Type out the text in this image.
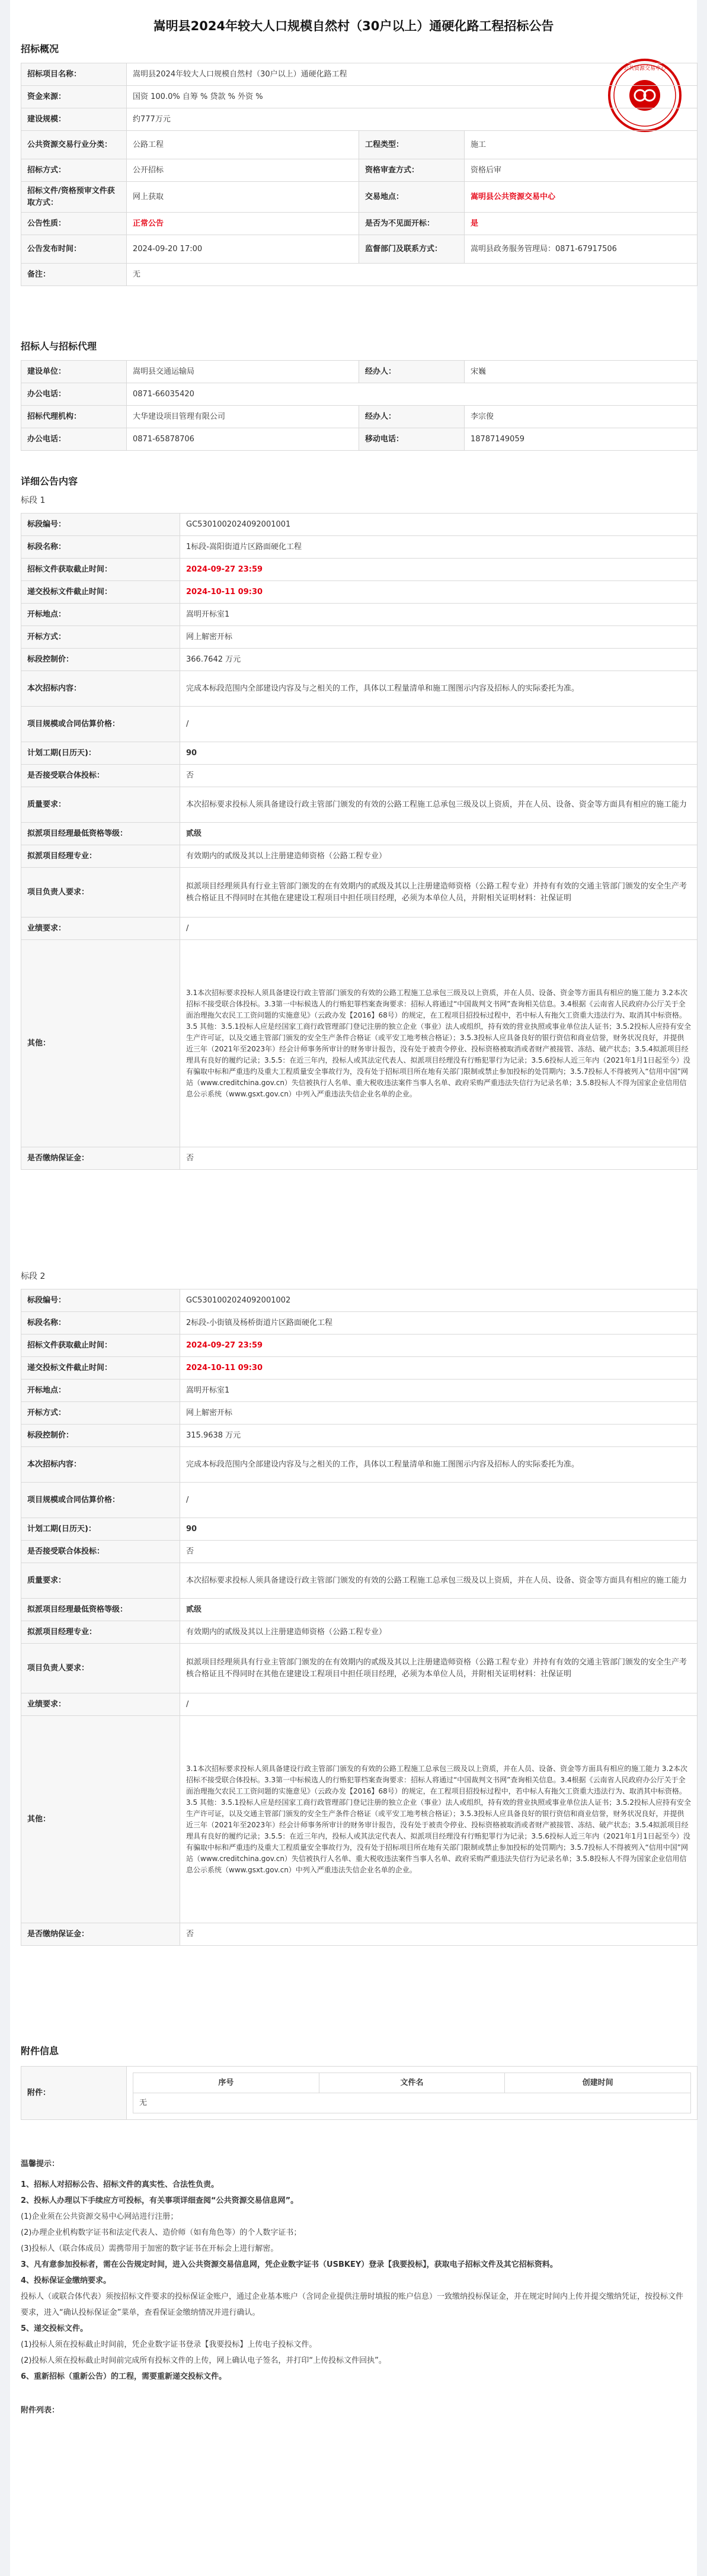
嵩明县2024年较大人口规模自然村（30户以上）通硬化路工程招标公告
公共资源交易中心
招标概况
招标项目名称：	嵩明县2024年较大人口规模自然村（30户以上）通硬化路工程		
资金来源：	国资 100.0% 自筹 % 贷款 % 外资 %		
建设规模：	约777万元		
公共资源交易行业分类：	公路工程	工程类型：	施工
招标方式：	公开招标	资格审查方式：	资格后审
招标文件/资格预审文件获取方式：	网上获取	交易地点：	嵩明县公共资源交易中心
公告性质：	正常公告	是否为不见面开标：	是
公告发布时间：	2024-09-20 17:00	监督部门及联系方式：	嵩明县政务服务管理局：0871-67917506
备注：	无		
招标人与招标代理
建设单位：	嵩明县交通运输局	经办人：	宋巍
办公电话：	0871-66035420		
招标代理机构：	大华建设项目管理有限公司	经办人：	李宗俊
办公电话：	0871-65878706	移动电话：	18787149059
详细公告内容
标段 1
标段编号：	GC5301002024092001001
标段名称：	1标段-嵩阳街道片区路面硬化工程
招标文件获取截止时间：	2024-09-27 23:59
递交投标文件截止时间：	2024-10-11 09:30
开标地点：	嵩明开标室1
开标方式：	网上解密开标
标段控制价：	366.7642 万元
本次招标内容：	完成本标段范围内全部建设内容及与之相关的工作，具体以工程量清单和施工图图示内容及招标人的实际委托为准。
项目规模或合同估算价格：	/
计划工期(日历天)：	90
是否接受联合体投标：	否
质量要求：	本次招标要求投标人须具备建设行政主管部门颁发的有效的公路工程施工总承包三级及以上资质，并在人员、设备、资金等方面具有相应的施工能力
拟派项目经理最低资格等级：	贰级
拟派项目经理专业：	有效期内的贰级及其以上注册建造师资格（公路工程专业）
项目负责人要求：	拟派项目经理须具有行业主管部门颁发的在有效期内的贰级及其以上注册建造师资格（公路工程专业）并持有有效的交通主管部门颁发的安全生产考核合格证且不得同时在其他在建建设工程项目中担任项目经理，必须为本单位人员，并附相关证明材料：社保证明
业绩要求：	/
其他：	3.1本次招标要求投标人须具备建设行政主管部门颁发的有效的公路工程施工总承包三级及以上资质，并在人员、设备、资金等方面具有相应的施工能力 3.2本次招标不接受联合体投标。3.3第一中标候选人的行贿犯罪档案查询要求：招标人将通过“中国裁判文书网”查询相关信息。3.4根据《云南省人民政府办公厅关于全面治理拖欠农民工工资问题的实施意见》（云政办发【2016】68号）的规定，在工程项目招投标过程中，若中标人有拖欠工资重大违法行为、取消其中标资格。3.5 其他：3.5.1投标人应是经国家工商行政管理部门登记注册的独立企业（事业）法人或组织，持有效的营业执照或事业单位法人证书；3.5.2投标人应持有安全生产许可证，以及交通主管部门颁发的安全生产条件合格证（或平安工地考核合格证）；3.5.3投标人应具备良好的银行资信和商业信誉，财务状况良好，并提供近三年（2021年至2023年）经会计师事务所审计的财务审计报告，没有处于被责令停业、投标资格被取消或者财产被接管、冻结、破产状态；3.5.4拟派项目经理具有良好的履约记录；3.5.5：在近三年内，投标人或其法定代表人、拟派项目经理没有行贿犯罪行为记录；3.5.6投标人近三年内（2021年1月1日起至今）没有骗取中标和严重违约及重大工程质量安全事故行为，没有处于招标项目所在地有关部门限制或禁止参加投标的处罚期内；3.5.7投标人不得被列入“信用中国”网站（www.creditchina.gov.cn）失信被执行人名单、重大税收违法案件当事人名单、政府采购严重违法失信行为记录名单；3.5.8投标人不得为国家企业信用信息公示系统（www.gsxt.gov.cn）中列入严重违法失信企业名单的企业。
是否缴纳保证金：	否
标段 2
标段编号：	GC5301002024092001002
标段名称：	2标段-小街镇及杨桥街道片区路面硬化工程
招标文件获取截止时间：	2024-09-27 23:59
递交投标文件截止时间：	2024-10-11 09:30
开标地点：	嵩明开标室1
开标方式：	网上解密开标
标段控制价：	315.9638 万元
本次招标内容：	完成本标段范围内全部建设内容及与之相关的工作，具体以工程量清单和施工图图示内容及招标人的实际委托为准。
项目规模或合同估算价格：	/
计划工期(日历天)：	90
是否接受联合体投标：	否
质量要求：	本次招标要求投标人须具备建设行政主管部门颁发的有效的公路工程施工总承包三级及以上资质，并在人员、设备、资金等方面具有相应的施工能力
拟派项目经理最低资格等级：	贰级
拟派项目经理专业：	有效期内的贰级及其以上注册建造师资格（公路工程专业）
项目负责人要求：	拟派项目经理须具有行业主管部门颁发的在有效期内的贰级及其以上注册建造师资格（公路工程专业）并持有有效的交通主管部门颁发的安全生产考核合格证且不得同时在其他在建建设工程项目中担任项目经理，必须为本单位人员，并附相关证明材料：社保证明
业绩要求：	/
其他：	3.1本次招标要求投标人须具备建设行政主管部门颁发的有效的公路工程施工总承包三级及以上资质，并在人员、设备、资金等方面具有相应的施工能力 3.2本次招标不接受联合体投标。3.3第一中标候选人的行贿犯罪档案查询要求：招标人将通过“中国裁判文书网”查询相关信息。3.4根据《云南省人民政府办公厅关于全面治理拖欠农民工工资问题的实施意见》（云政办发【2016】68号）的规定，在工程项目招投标过程中，若中标人有拖欠工资重大违法行为、取消其中标资格。3.5 其他：3.5.1投标人应是经国家工商行政管理部门登记注册的独立企业（事业）法人或组织，持有效的营业执照或事业单位法人证书；3.5.2投标人应持有安全生产许可证，以及交通主管部门颁发的安全生产条件合格证（或平安工地考核合格证）；3.5.3投标人应具备良好的银行资信和商业信誉，财务状况良好，并提供近三年（2021年至2023年）经会计师事务所审计的财务审计报告，没有处于被责令停业、投标资格被取消或者财产被接管、冻结、破产状态；3.5.4拟派项目经理具有良好的履约记录；3.5.5：在近三年内，投标人或其法定代表人、拟派项目经理没有行贿犯罪行为记录；3.5.6投标人近三年内（2021年1月1日起至今）没有骗取中标和严重违约及重大工程质量安全事故行为，没有处于招标项目所在地有关部门限制或禁止参加投标的处罚期内；3.5.7投标人不得被列入“信用中国”网站（www.creditchina.gov.cn）失信被执行人名单、重大税收违法案件当事人名单、政府采购严重违法失信行为记录名单；3.5.8投标人不得为国家企业信用信息公示系统（www.gsxt.gov.cn）中列入严重违法失信企业名单的企业。
是否缴纳保证金：	否
附件信息
附件：	
序号	文件名	创建时间
无

温馨提示：

1、招标人对招标公告、招标文件的真实性、合法性负责。

2、投标人办理以下手续应方可投标，有关事项详细查阅“公共资源交易信息网”。

(1)企业须在公共资源交易中心网站进行注册；

(2)办理企业机构数字证书和法定代表人、造价师（如有角色等）的个人数字证书；

(3)投标人（联合体成员）需携带用于加密的数字证书在开标会上进行解密。

3、凡有意参加投标者，需在公告规定时间，进入公共资源交易信息网，凭企业数字证书（USBKEY）登录【我要投标】，获取电子招标文件及其它招标资料。

4、投标保证金缴纳要求。

投标人（或联合体代表）须按招标文件要求的投标保证金账户，通过企业基本账户（含同企业提供注册时填报的账户信息）一致缴纳投标保证金，并在规定时间内上传并提交缴纳凭证，按投标文件要求，进入“确认投标保证金”菜单，查看保证金缴纳情况并进行确认。

5、递交投标文件。

(1)投标人须在投标截止时间前，凭企业数字证书登录【我要投标】上传电子投标文件。

(2)投标人须在投标截止时间前完成所有投标文件的上传，网上确认电子签名，并打印“上传投标文件回执”。

6、重新招标（重新公告）的工程，需要重新递交投标文件。

附件列表：
